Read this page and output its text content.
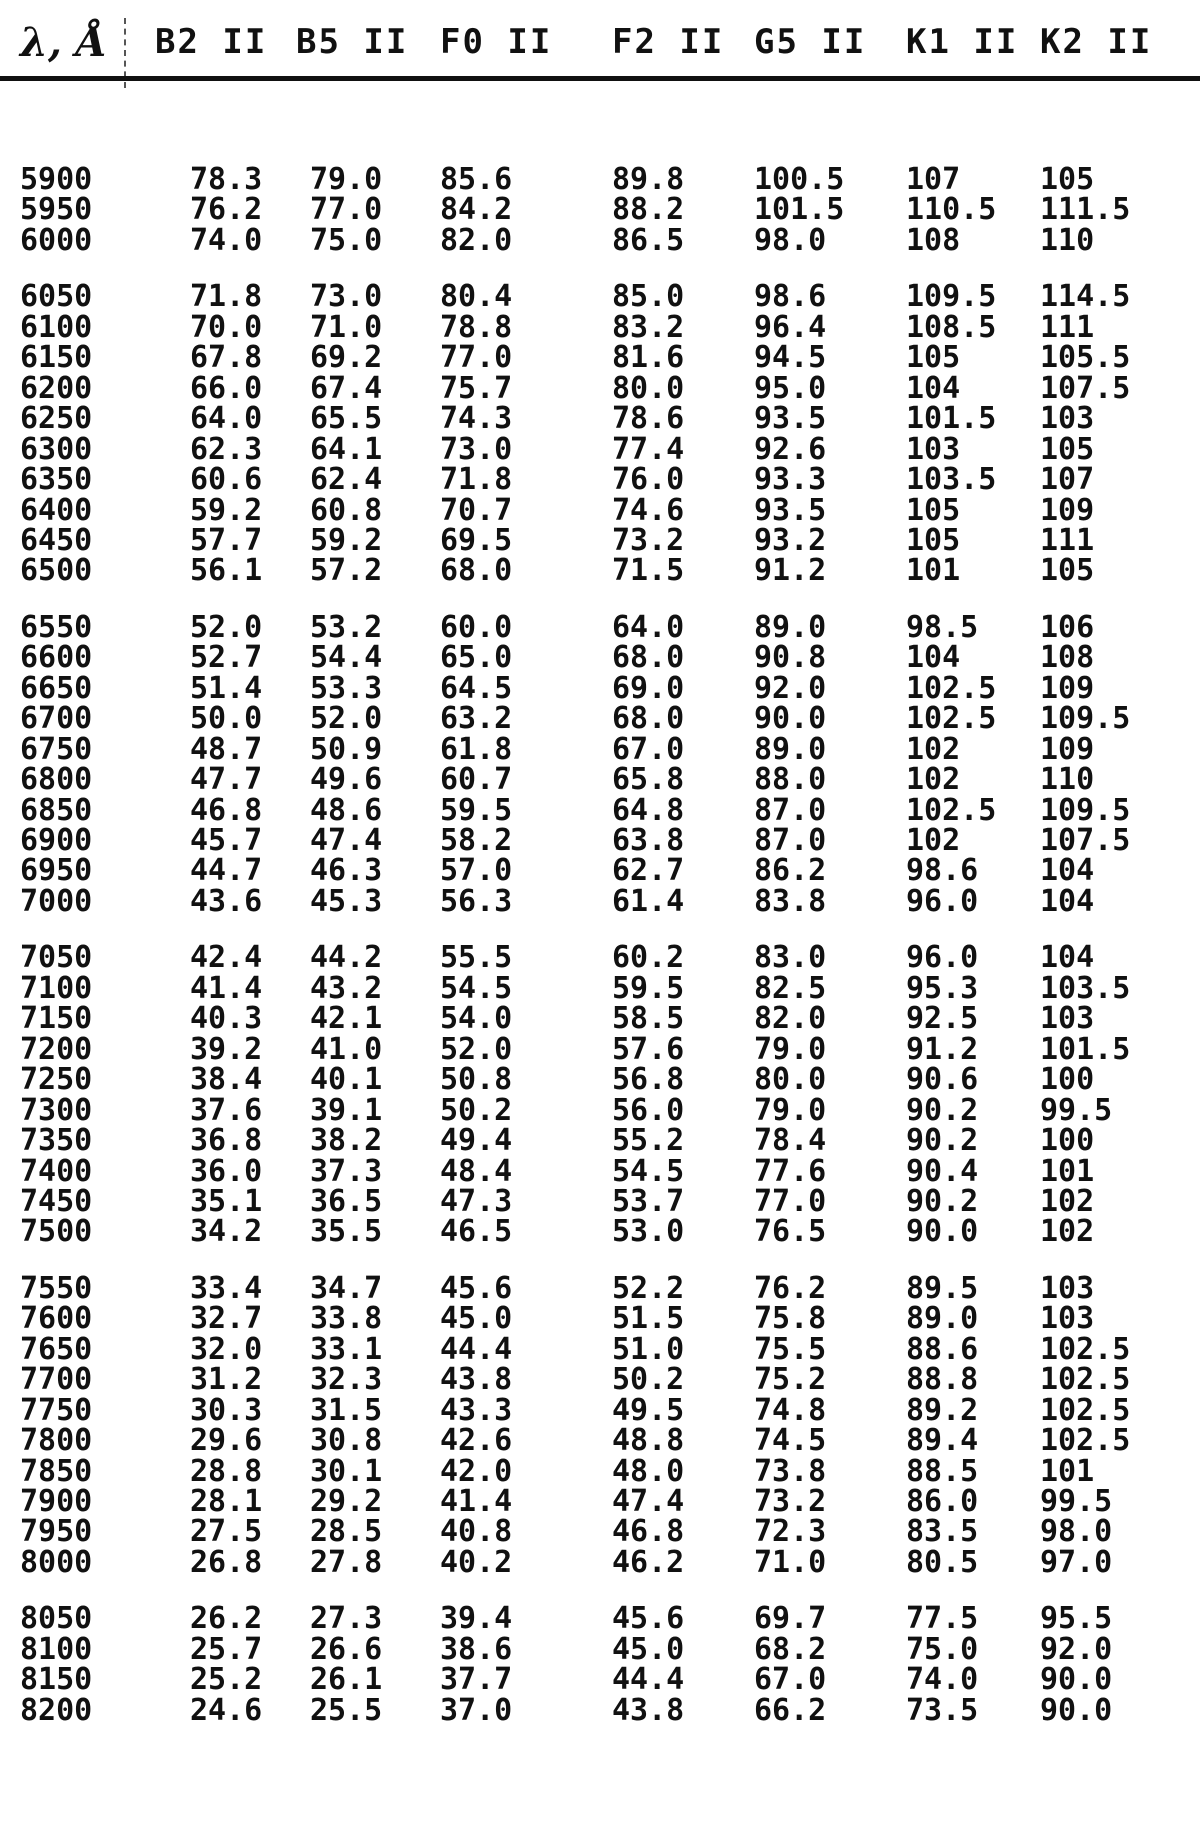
λ, Å B2 II B5 II F0 II F2 II G5 II K1 II K2 II
5900	78.3 79.0 85.6	89.8 100.5 107	105
5950	76.2 77.0 84.2	88.2 101.5 110.5 111.5
6000	74.0 75.0 82.0	86.5 98.0	108	110
6050	71.8 73.0 80.4	85.0 98.6	109.5 114.5
6100	70.0 71.0 78.8	83.2 96.4	108.5 111
6150	67.8 69.2 77.0	81.6 94.5	105	105.5
6200	66.0 67.4 75.7	80.0 95.0	104	107.5
6250	64.0 65.5 74.3	78.6 93.5	101.5 103
6300	62.3 64.1 73.0	77.4 92.6	103	105
6350	60.6 62.4 71.8	76.0 93.3	103.5 107
6400	59.2 60.8 70.7	74.6 93.5	105	109
6450	57.7 59.2 69.5	73.2 93.2	105	111
6500	56.1 57.2 68.0	71.5 91.2	101	105
6550	52.0 53.2 60.0	64.0 89.0	98.5 106
6600	52.7 54.4 65.0	68.0 90.8	104	108
6650	51.4 53.3 64.5	69.0 92.0	102.5 109
6700	50.0 52.0 63.2	68.0 90.0	102.5 109.5
6750	48.7 50.9 61.8	67.0 89.0	102	109
6800	47.7 49.6 60.7	65.8 88.0	102	110
6850	46.8 48.6 59.5	64.8 87.0	102.5 109.5
6900	45.7 47.4 58.2	63.8 87.0	102	107.5
6950	44.7 46.3 57.0	62.7 86.2	98.6 104
7000	43.6 45.3 56.3	61.4 83.8	96.0 104
7050	42.4 44.2 55.5	60.2 83.0	96.0 104
7100	41.4 43.2 54.5	59.5 82.5	95.3 103.5
7150	40.3 42.1 54.0	58.5 82.0	92.5 103
7200	39.2 41.0 52.0	57.6 79.0	91.2 101.5
7250	38.4 40.1 50.8	56.8 80.0	90.6 100
7300	37.6 39.1 50.2	56.0 79.0	90.2 99.5
7350	36.8 38.2 49.4	55.2 78.4	90.2 100
7400	36.0 37.3 48.4	54.5 77.6	90.4 101
7450	35.1 36.5 47.3	53.7 77.0	90.2 102
7500	34.2 35.5 46.5	53.0 76.5	90.0 102
7550	33.4 34.7 45.6	52.2 76.2	89.5 103
7600	32.7 33.8 45.0	51.5 75.8	89.0 103
7650	32.0 33.1 44.4	51.0 75.5	88.6 102.5
7700	31.2 32.3 43.8	50.2 75.2	88.8 102.5
7750	30.3 31.5 43.3	49.5 74.8	89.2 102.5
7800	29.6 30.8 42.6	48.8 74.5	89.4 102.5
7850	28.8 30.1 42.0	48.0 73.8	88.5 101
7900	28.1 29.2 41.4	47.4 73.2	86.0 99.5
7950	27.5 28.5 40.8	46.8 72.3	83.5 98.0
8000	26.8 27.8 40.2	46.2 71.0	80.5 97.0
8050	26.2 27.3 39.4	45.6 69.7	77.5 95.5
8100	25.7 26.6 38.6	45.0 68.2	75.0 92.0
8150	25.2 26.1 37.7	44.4 67.0	74.0 90.0
8200	24.6 25.5 37.0	43.8 66.2	73.5 90.0
